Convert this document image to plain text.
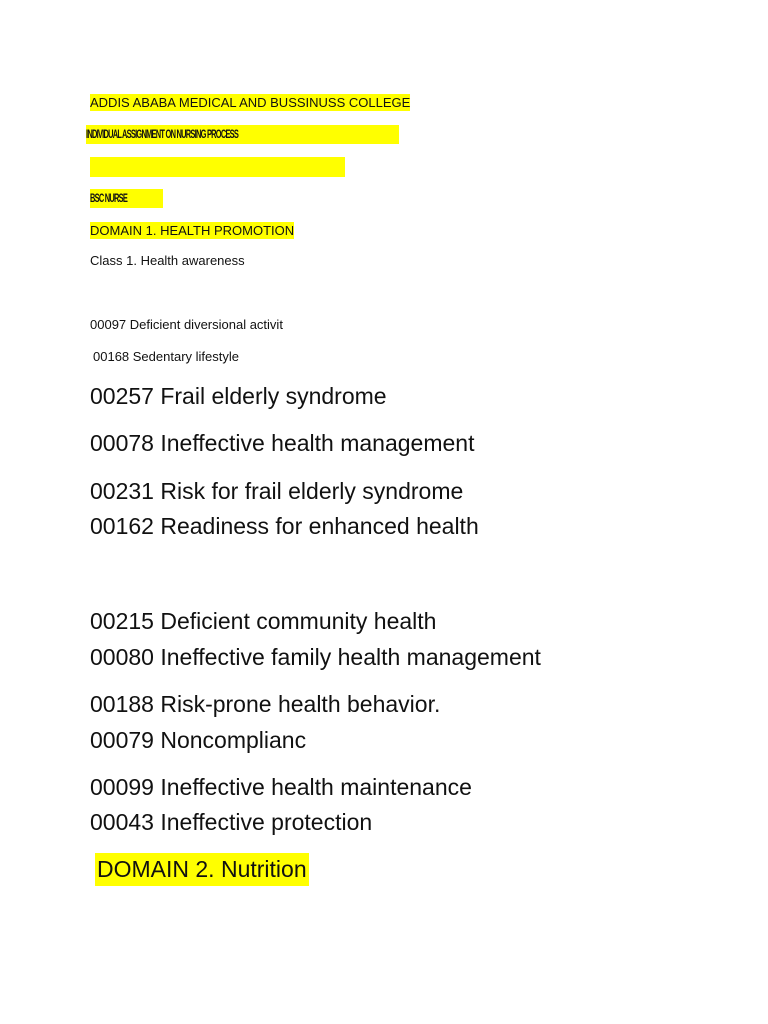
ADDIS ABABA MEDICAL AND BUSSINUSS COLLEGE
INDIVIDUAL ASSIGNMENT ON NURSING PROCESS
BSC NURSE
DOMAIN 1. HEALTH PROMOTION
Class 1. Health awareness
00097 Deficient diversional activit
00168 Sedentary lifestyle
00257 Frail elderly syndrome
00078 Ineffective health management
00231 Risk for frail elderly syndrome
00162 Readiness for enhanced health
00215 Deficient community health
00080 Ineffective family health management
00188 Risk-prone health behavior.
00079 Noncomplianc
00099 Ineffective health maintenance
00043 Ineffective protection
DOMAIN 2. Nutrition
